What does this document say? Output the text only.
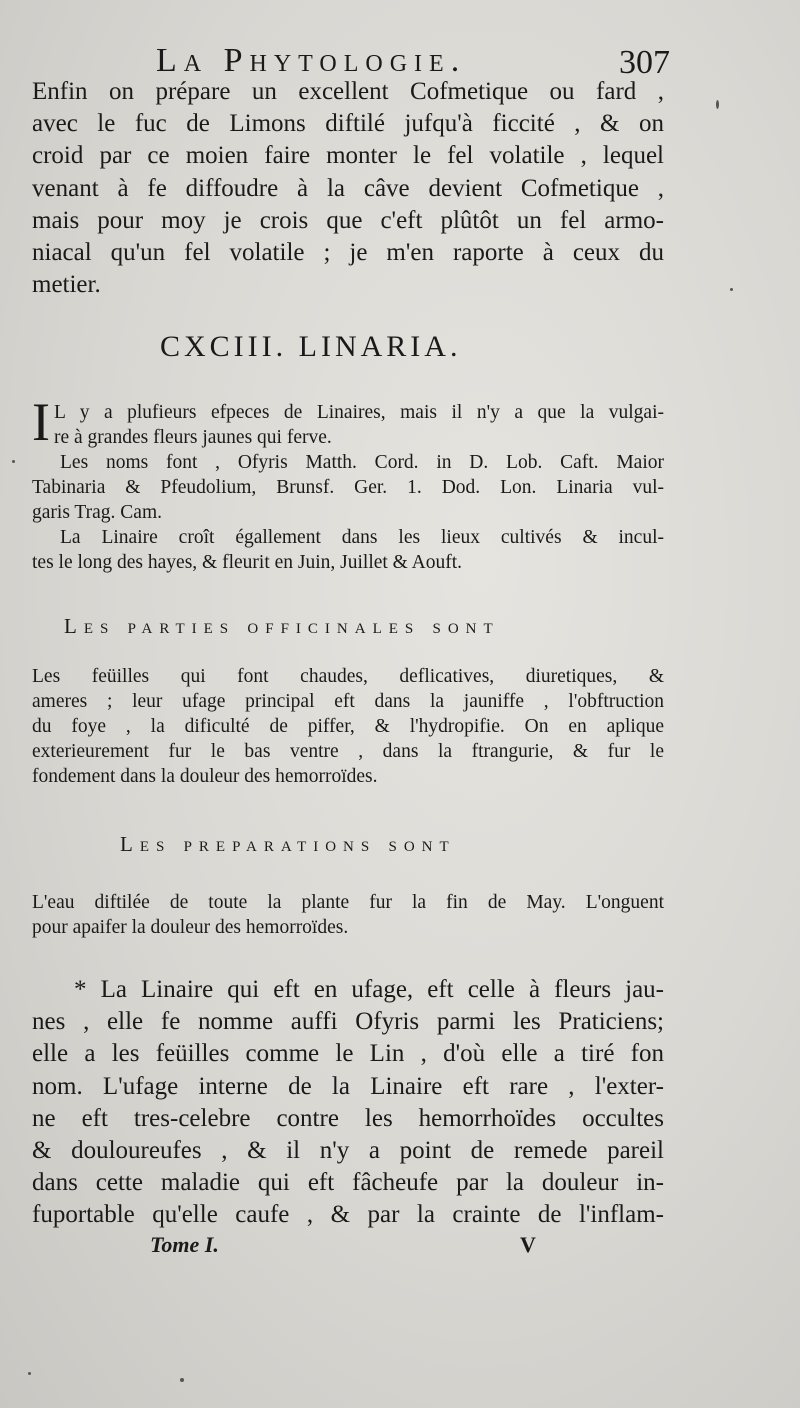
La Phytologie.	307
Enfin on prépare un excellent Cofmetique ou fard ,
avec le fuc de Limons diftilé jufqu'à ficcité , & on
croid par ce moien faire monter le fel volatile , lequel
venant à fe diffoudre à la câve devient Cofmetique ,
mais pour moy je crois que c'eft plûtôt un fel armo-
niacal qu'un fel volatile ; je m'en raporte à ceux du
metier.
CXCIII. LINARIA.
I L y a plufieurs efpeces de Linaires, mais il n'y a que la vulgai-
re à grandes fleurs jaunes qui ferve.
Les noms font , Ofyris Matth. Cord. in D. Lob. Caft. Maior
Tabinaria & Pfeudolium, Brunsf. Ger. 1. Dod. Lon. Linaria vul-
garis Trag. Cam.
La Linaire croît égallement dans les lieux cultivés & incul-
tes le long des hayes, & fleurit en Juin, Juillet & Aouft.
Les parties officinales sont
Les feüilles qui font chaudes, deflicatives, diuretiques, &
ameres ; leur ufage principal eft dans la jauniffe , l'obftruction
du foye , la dificulté de piffer, & l'hydropifie. On en aplique
exterieurement fur le bas ventre , dans la ftrangurie, & fur le
fondement dans la douleur des hemorroïdes.
Les preparations sont
L'eau diftilée de toute la plante fur la fin de May. L'onguent
pour apaifer la douleur des hemorroïdes.
* La Linaire qui eft en ufage, eft celle à fleurs jau-
nes , elle fe nomme auffi Ofyris parmi les Praticiens;
elle a les feüilles comme le Lin , d'où elle a tiré fon
nom. L'ufage interne de la Linaire eft rare , l'exter-
ne eft tres-celebre contre les hemorrhoïdes occultes
& douloureufes , & il n'y a point de remede pareil
dans cette maladie qui eft fâcheufe par la douleur in-
fuportable qu'elle caufe , & par la crainte de l'inflam-
Tome I.	V
